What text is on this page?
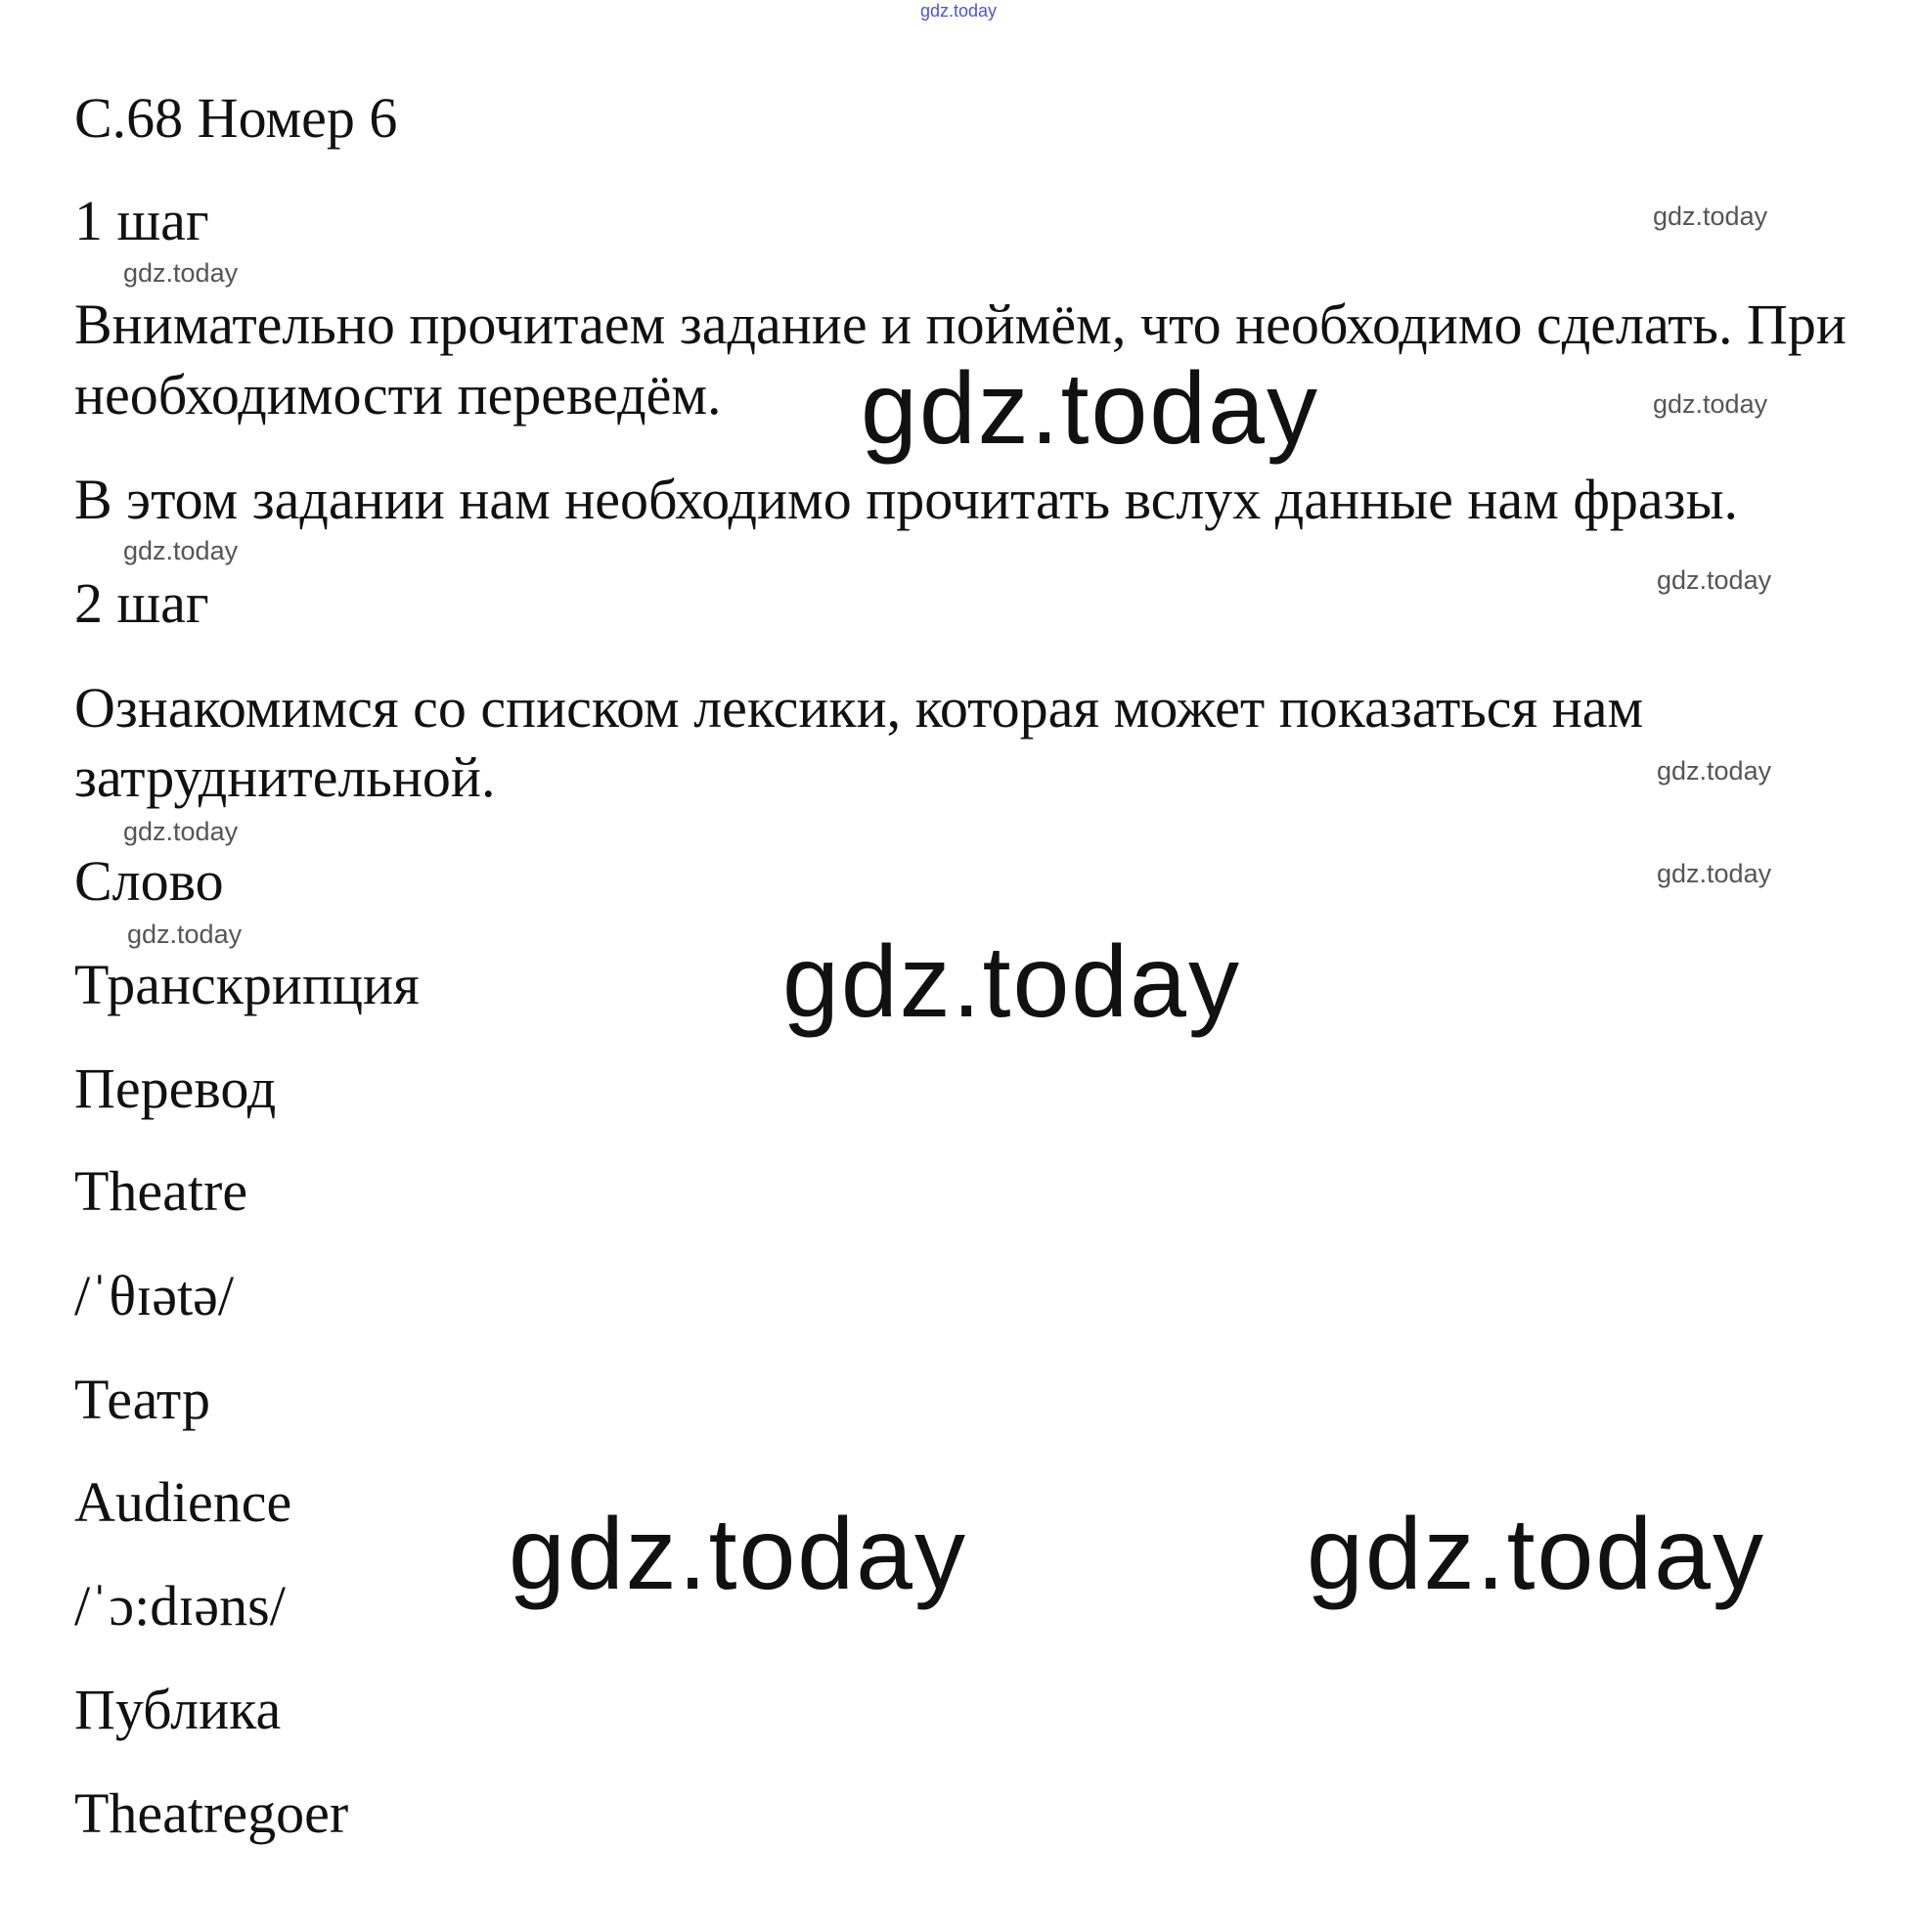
gdz.today
С.68 Номер 6
1 шаг
Внимательно прочитаем задание и поймём, что необходимо сделать. При
необходимости переведём.
В этом задании нам необходимо прочитать вслух данные нам фразы.
2 шаг
Ознакомимся со списком лексики, которая может показаться нам
затруднительной.
Слово
Транскрипция
Перевод
Theatre
/ˈθɪətə/
Театр
Audience
/ˈɔ:dɪəns/
Публика
Theatregoer
gdz.today
gdz.today
gdz.today	gdz.today
gdz.today
gdz.today
gdz.today
gdz.today
gdz.today
gdz.today
gdz.today
gdz.today
gdz.today
